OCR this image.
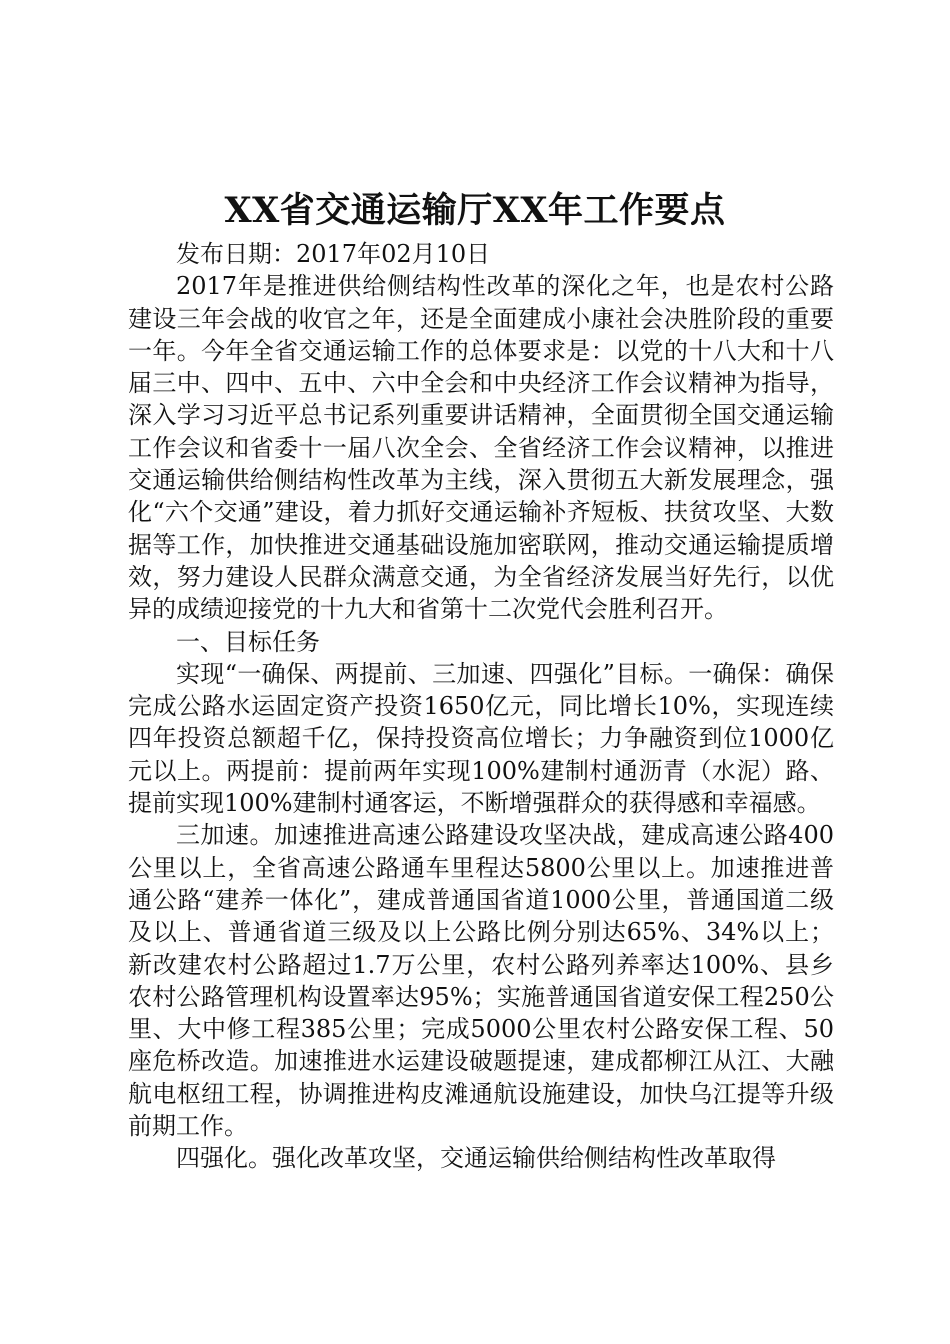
XX省交通运输厅XX年工作要点

发布日期：2017年02月10日

2017年是推进供给侧结构性改革的深化之年，也是农村公路建设三年会战的收官之年，还是全面建成小康社会决胜阶段的重要一年。今年全省交通运输工作的总体要求是：以党的十八大和十八届三中、四中、五中、六中全会和中央经济工作会议精神为指导，深入学习习近平总书记系列重要讲话精神，全面贯彻全国交通运输工作会议和省委十一届八次全会、全省经济工作会议精神，以推进交通运输供给侧结构性改革为主线，深入贯彻五大新发展理念，强化“六个交通”建设，着力抓好交通运输补齐短板、扶贫攻坚、大数据等工作，加快推进交通基础设施加密联网，推动交通运输提质增效，努力建设人民群众满意交通，为全省经济发展当好先行，以优异的成绩迎接党的十九大和省第十二次党代会胜利召开。

一、目标任务

实现“一确保、两提前、三加速、四强化”目标。一确保：确保完成公路水运固定资产投资1650亿元，同比增长10%，实现连续四年投资总额超千亿，保持投资高位增长；力争融资到位1000亿元以上。两提前：提前两年实现100%建制村通沥青（水泥）路、提前实现100%建制村通客运，不断增强群众的获得感和幸福感。

三加速。加速推进高速公路建设攻坚决战，建成高速公路400公里以上，全省高速公路通车里程达5800公里以上。加速推进普通公路“建养一体化”，建成普通国省道1000公里，普通国道二级及以上、普通省道三级及以上公路比例分别达65%、34%以上；新改建农村公路超过1.7万公里，农村公路列养率达100%、县乡农村公路管理机构设置率达95%；实施普通国省道安保工程250公里、大中修工程385公里；完成5000公里农村公路安保工程、50座危桥改造。加速推进水运建设破题提速，建成都柳江从江、大融航电枢纽工程，协调推进构皮滩通航设施建设，加快乌江提等升级前期工作。

四强化。强化改革攻坚，交通运输供给侧结构性改革取得
